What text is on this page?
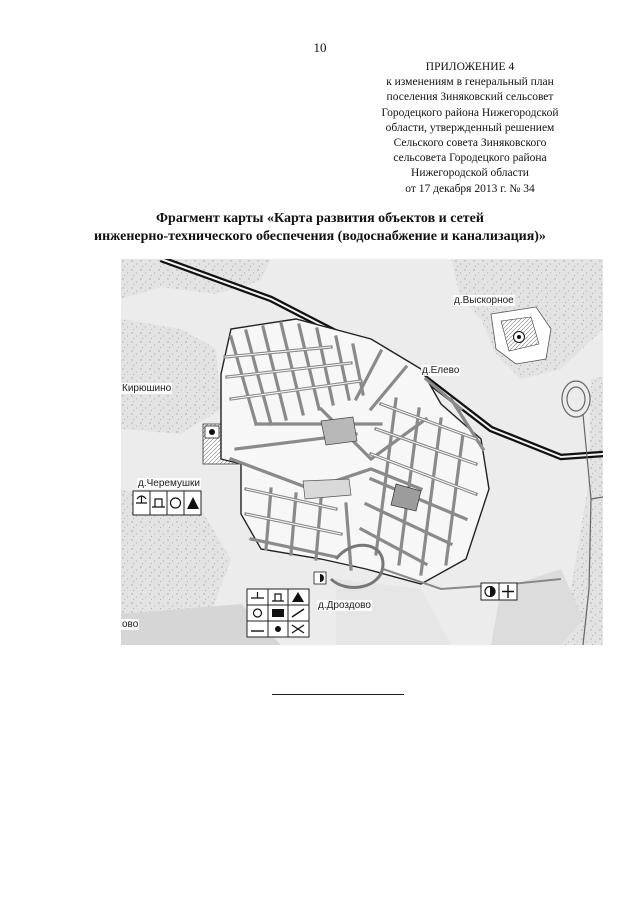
10
ПРИЛОЖЕНИЕ 4
к изменениям в генеральный план
поселения Зиняковский сельсовет
Городецкого района Нижегородской
области, утвержденный решением
Сельского совета Зиняковского
сельсовета Городецкого района
Нижегородской области
от 17 декабря 2013 г. № 34
Фрагмент карты «Карта развития объектов и сетей
инженерно-технического обеспечения (водоснабжение и канализация)»
д.Выскорное
д.Елево
Кирюшино
д.Черемушки
д.Дроздово
ово
